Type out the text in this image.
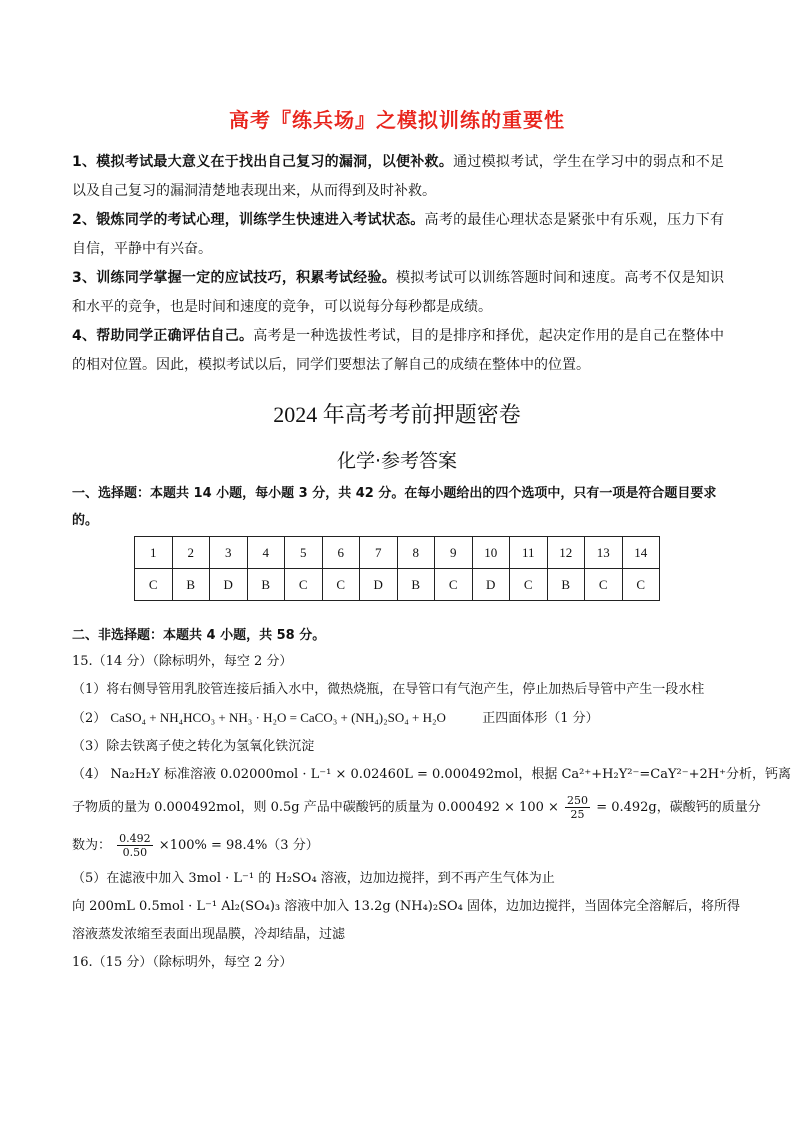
高考『练兵场』之模拟训练的重要性

1、模拟考试最大意义在于找出自己复习的漏洞，以便补救。通过模拟考试，学生在学习中的弱点和不足以及自己复习的漏洞清楚地表现出来，从而得到及时补救。

2、锻炼同学的考试心理，训练学生快速进入考试状态。高考的最佳心理状态是紧张中有乐观，压力下有自信，平静中有兴奋。

3、训练同学掌握一定的应试技巧，积累考试经验。模拟考试可以训练答题时间和速度。高考不仅是知识和水平的竞争，也是时间和速度的竞争，可以说每分每秒都是成绩。

4、帮助同学正确评估自己。高考是一种选拔性考试，目的是排序和择优，起决定作用的是自己在整体中的相对位置。因此，模拟考试以后，同学们要想法了解自己的成绩在整体中的位置。

2024 年高考考前押题密卷
化学·参考答案
一、选择题：本题共 14 小题，每小题 3 分，共 42 分。在每小题给出的四个选项中，只有一项是符合题目要求的。
1	2	3	4	5	6	7	8	9	10	11	12	13	14
C	B	D	B	C	C	D	B	C	D	C	B	C	C
二、非选择题：本题共 4 小题，共 58 分。
15.（14 分）（除标明外，每空 2 分）
（1）将右侧导管用乳胶管连接后插入水中，微热烧瓶，在导管口有气泡产生，停止加热后导管中产生一段水柱
（2） CaSO₄ + NH₄HCO₃ + NH₃ · H₂O = CaCO₃ + (NH₄)₂SO₄ + H₂O	正四面体形（1 分）
（3）除去铁离子使之转化为氢氧化铁沉淀
（4） Na₂H₂Y 标准溶液 0.02000mol · L⁻¹ × 0.02460L = 0.000492mol，根据 Ca²⁺+H₂Y²⁻=CaY²⁻+2H⁺分析，钙离
子物质的量为 0.000492mol，则 0.5g 产品中碳酸钙的质量为 $0.000492 \times 100 \times \frac{250}{25} = 0.492g$，碳酸钙的质量分
数为： $\frac{0.492}{0.50} \times 100\% = 98.4\%(3$ 分）
（5）在滤液中加入 3mol · L⁻¹ 的 H₂SO₄ 溶液，边加边搅拌，到不再产生气体为止
向 200mL 0.5mol · L⁻¹ Al₂(SO₄)₃ 溶液中加入 13.2g (NH₄)₂SO₄ 固体，边加边搅拌，当固体完全溶解后，将所得
溶液蒸发浓缩至表面出现晶膜，冷却结晶，过滤
16.（15 分）（除标明外，每空 2 分）
